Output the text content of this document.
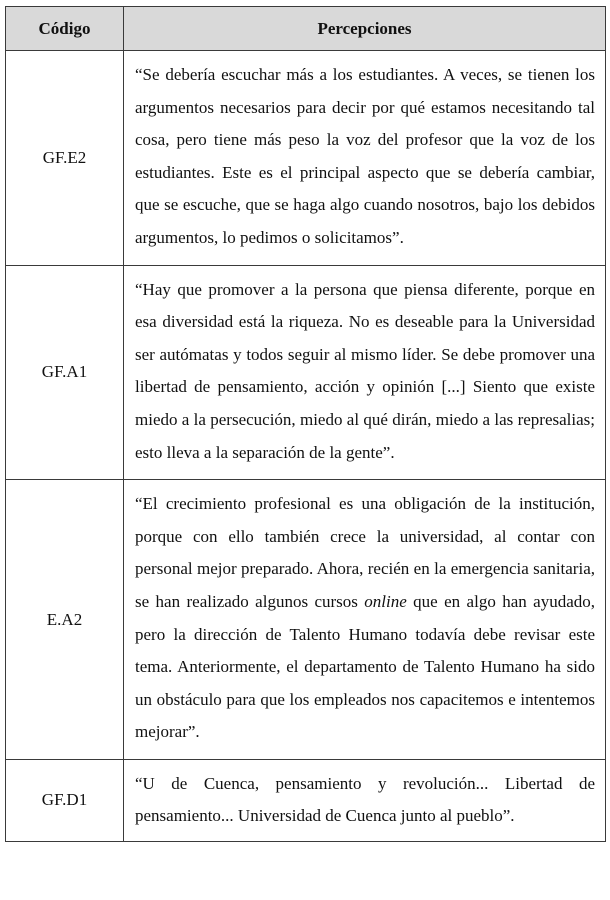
Código	Percepciones
GF.E2	“Se debería escuchar más a los estudiantes. A veces, se tienen los argumentos necesarios para decir por qué estamos necesitando tal cosa, pero tiene más peso la voz del profesor que la voz de los estudiantes. Este es el principal aspecto que se debería cambiar, que se escuche, que se haga algo cuando nosotros, bajo los debidos argumentos, lo pedimos o solicitamos”.
GF.A1	“Hay que promover a la persona que piensa diferente, porque en esa diversidad está la riqueza. No es deseable para la Universidad ser autómatas y todos seguir al mismo líder. Se debe promover una libertad de pensamiento, acción y opinión [...] Siento que existe miedo a la persecución, miedo al qué dirán, miedo a las represalias; esto lleva a la separación de la gente”.
E.A2	“El crecimiento profesional es una obligación de la institución, porque con ello también crece la universidad, al contar con personal mejor preparado. Ahora, recién en la emergencia sanitaria, se han realizado algunos cursos online que en algo han ayudado, pero la dirección de Talento Humano todavía debe revisar este tema. Anteriormente, el departamento de Talento Humano ha sido un obstáculo para que los empleados nos capacitemos e intentemos mejorar”.
GF.D1	“U de Cuenca, pensamiento y revolución... Libertad de pensamiento... Universidad de Cuenca junto al pueblo”.
